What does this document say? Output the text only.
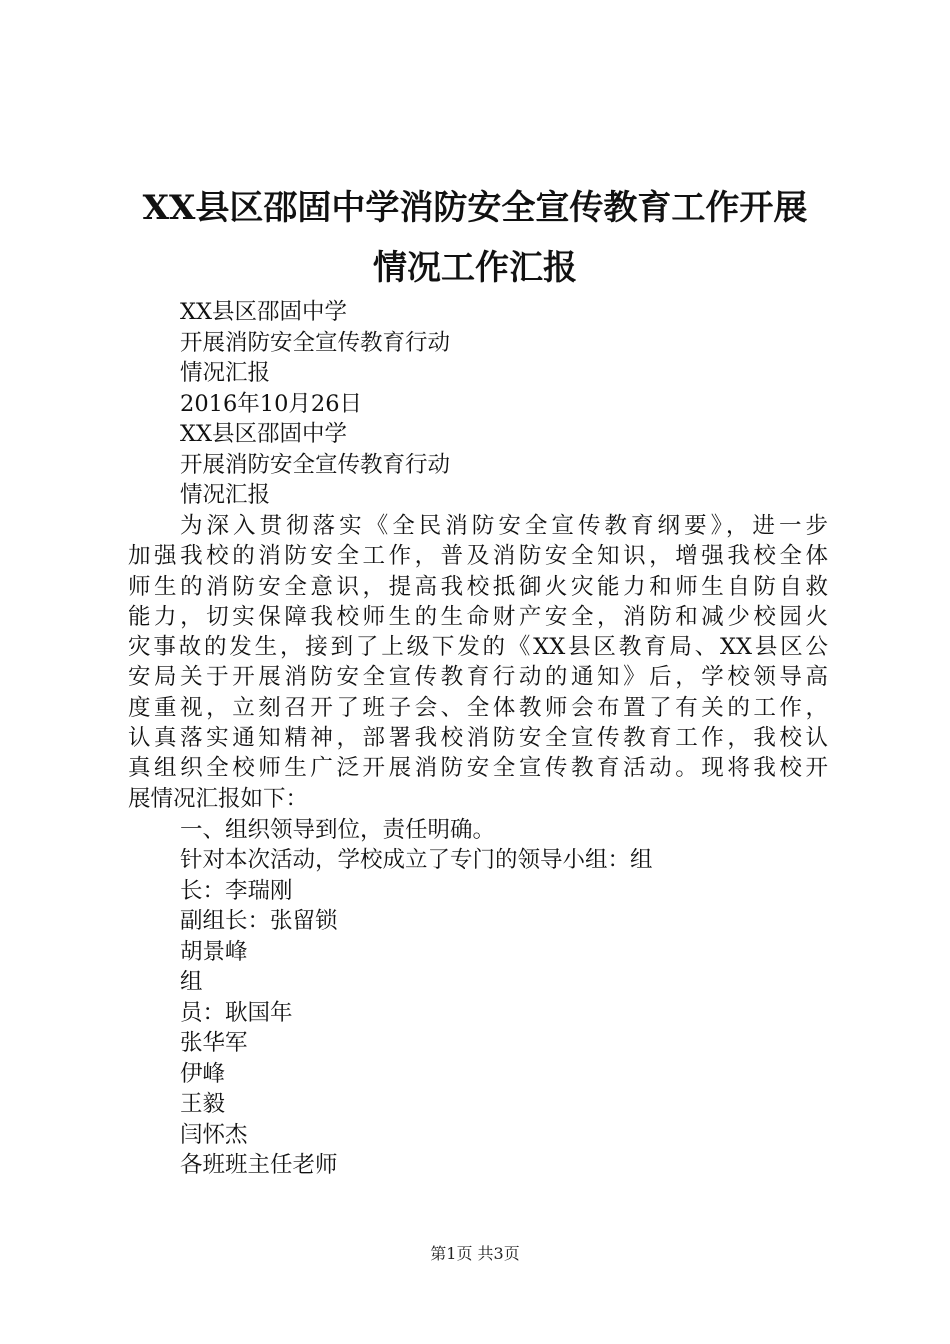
XX县区邵固中学消防安全宣传教育工作开展
情况工作汇报
XX县区邵固中学
开展消防安全宣传教育行动
情况汇报
2016年10月26日
XX县区邵固中学
开展消防安全宣传教育行动
情况汇报
为深入贯彻落实《全民消防安全宣传教育纲要》，进一步
加强我校的消防安全工作，普及消防安全知识，增强我校全体
师生的消防安全意识，提高我校抵御火灾能力和师生自防自救
能力，切实保障我校师生的生命财产安全，消防和减少校园火
灾事故的发生，接到了上级下发的《XX县区教育局、XX县区公
安局关于开展消防安全宣传教育行动的通知》后，学校领导高
度重视，立刻召开了班子会、全体教师会布置了有关的工作，
认真落实通知精神，部署我校消防安全宣传教育工作，我校认
真组织全校师生广泛开展消防安全宣传教育活动。现将我校开
展情况汇报如下：
一、组织领导到位，责任明确。
针对本次活动，学校成立了专门的领导小组：组
长：李瑞刚
副组长：张留锁
胡景峰
组
员：耿国年
张华军
伊峰
王毅
闫怀杰
各班班主任老师
第1页 共3页
